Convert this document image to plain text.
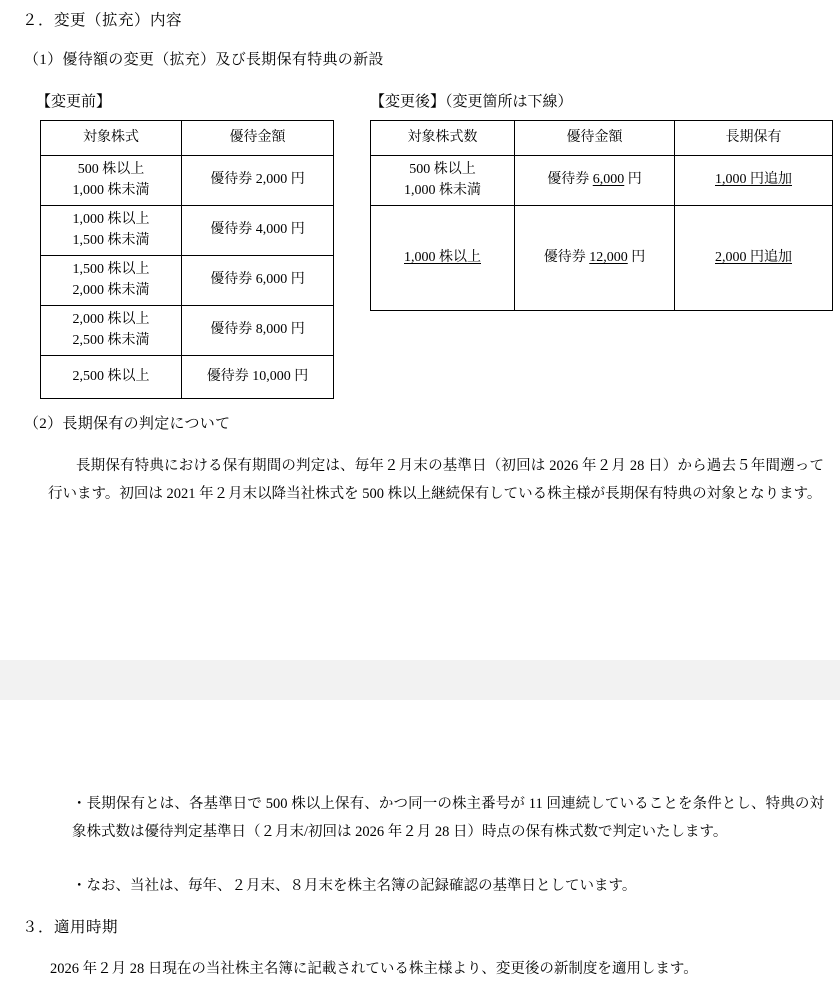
２．変更（拡充）内容
（1）優待額の変更（拡充）及び長期保有特典の新設
【変更前】	【変更後】（変更箇所は下線）
対象株式	優待金額
500 株以上
1,000 株未満	優待券 2,000 円
1,000 株以上
1,500 株未満	優待券 4,000 円
1,500 株以上
2,000 株未満	優待券 6,000 円
2,000 株以上
2,500 株未満	優待券 8,000 円
2,500 株以上	優待券 10,000 円
対象株式数	優待金額	長期保有
500 株以上
1,000 株未満	優待券 6,000 円	1,000 円追加
1,000 株以上	優待券 12,000 円	2,000 円追加
（2）長期保有の判定について
長期保有特典における保有期間の判定は、毎年２月末の基準日（初回は 2026 年２月 28 日）から過去５年間遡って行います。初回は 2021 年２月末以降当社株式を 500 株以上継続保有している株主様が長期保有特典の対象となります。
・長期保有とは、各基準日で 500 株以上保有、かつ同一の株主番号が 11 回連続していることを条件とし、特典の対象株式数は優待判定基準日（２月末/初回は 2026 年２月 28 日）時点の保有株式数で判定いたします。
・なお、当社は、毎年、２月末、８月末を株主名簿の記録確認の基準日としています。
３．適用時期
2026 年２月 28 日現在の当社株主名簿に記載されている株主様より、変更後の新制度を適用します。
